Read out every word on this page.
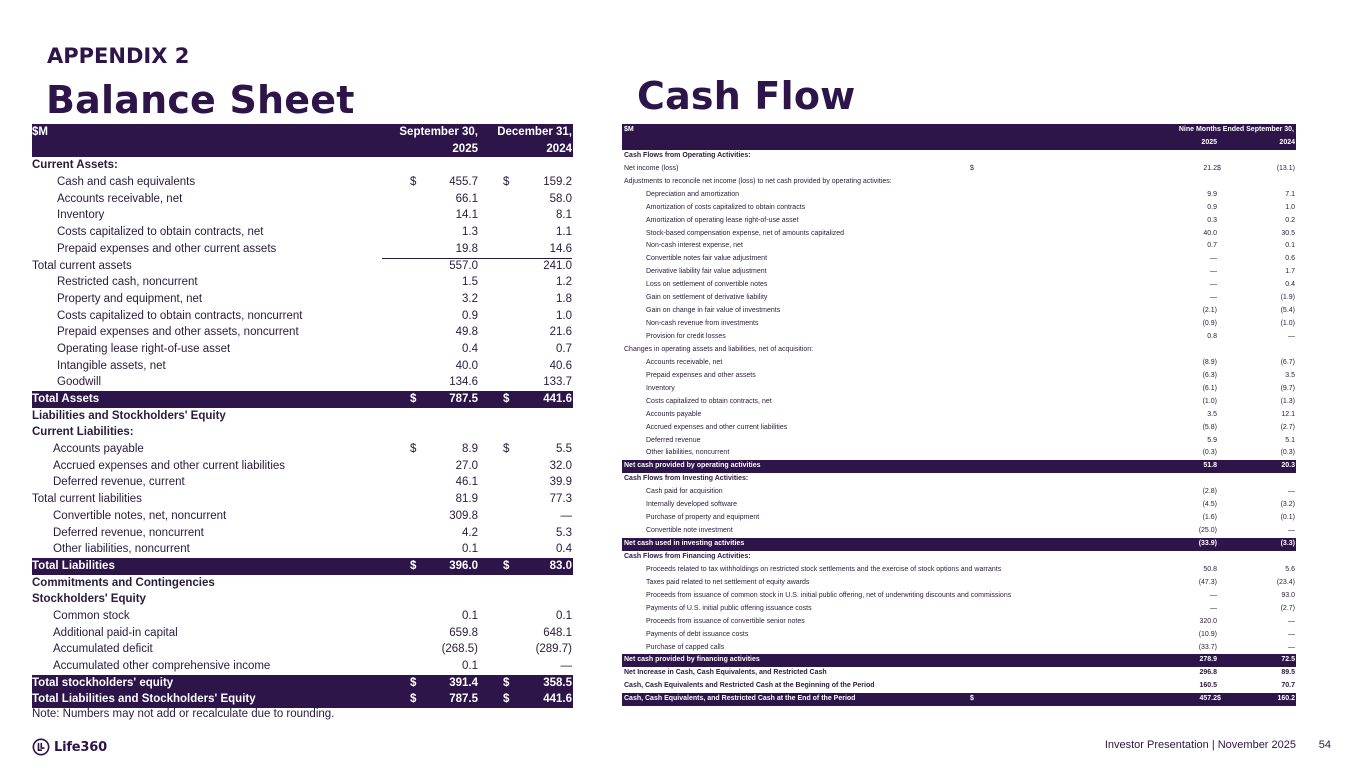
APPENDIX 2
Balance Sheet	Cash Flow
$M	September 30, December 31,
2025	2024
Current Assets:
Cash and cash equivalents	$	455.7 $	159.2
Accounts receivable, net	66.1	58.0
Inventory	14.1	8.1
Costs capitalized to obtain contracts, net	1.3	1.1
Prepaid expenses and other current assets	19.8	14.6
Total current assets	557.0	241.0
Restricted cash, noncurrent	1.5	1.2
Property and equipment, net	3.2	1.8
Costs capitalized to obtain contracts, noncurrent	0.9	1.0
Prepaid expenses and other assets, noncurrent	49.8	21.6
Operating lease right-of-use asset	0.4	0.7
Intangible assets, net	40.0	40.6
Goodwill	134.6	133.7
Total Assets	$	787.5 $	441.6
Liabilities and Stockholders' Equity
Current Liabilities:
Accounts payable	$	8.9 $	5.5
Accrued expenses and other current liabilities	27.0	32.0
Deferred revenue, current	46.1	39.9
Total current liabilities	81.9	77.3
Convertible notes, net, noncurrent	309.8	—
Deferred revenue, noncurrent	4.2	5.3
Other liabilities, noncurrent	0.1	0.4
Total Liabilities	$	396.0 $	83.0
Commitments and Contingencies
Stockholders' Equity
Common stock	0.1	0.1
Additional paid-in capital	659.8	648.1
Accumulated deficit	(268.5)	(289.7)
Accumulated other comprehensive income	0.1	—
Total stockholders' equity	$	391.4 $	358.5
Total Liabilities and Stockholders' Equity	$	787.5 $	441.6
Note: Numbers may not add or recalculate due to rounding.
$M	Nine Months Ended September 30,
2025	2024
Cash Flows from Operating Activities:
Net income (loss)	$	21.2 $	(13.1)
Adjustments to reconcile net income (loss) to net cash provided by operating activities:
Depreciation and amortization	9.9	7.1
Amortization of costs capitalized to obtain contracts	0.9	1.0
Amortization of operating lease right-of-use asset	0.3	0.2
Stock-based compensation expense, net of amounts capitalized	40.0	30.5
Non-cash interest expense, net	0.7	0.1
Convertible notes fair value adjustment	—	0.6
Derivative liability fair value adjustment	—	1.7
Loss on settlement of convertible notes	—	0.4
Gain on settlement of derivative liability	—	(1.9)
Gain on change in fair value of investments	(2.1)	(5.4)
Non-cash revenue from investments	(0.9)	(1.0)
Provision for credit losses	0.8	—
Changes in operating assets and liabilities, net of acquisition:
Accounts receivable, net	(8.9)	(6.7)
Prepaid expenses and other assets	(6.3)	3.5
Inventory	(6.1)	(9.7)
Costs capitalized to obtain contracts, net	(1.0)	(1.3)
Accounts payable	3.5	12.1
Accrued expenses and other current liabilities	(5.8)	(2.7)
Deferred revenue	5.9	5.1
Other liabilities, noncurrent	(0.3)	(0.3)
Net cash provided by operating activities	51.8	20.3
Cash Flows from Investing Activities:
Cash paid for acquisition	(2.8)	—
Internally developed software	(4.5)	(3.2)
Purchase of property and equipment	(1.6)	(0.1)
Convertible note investment	(25.0)	—
Net cash used in investing activities	(33.9)	(3.3)
Cash Flows from Financing Activities:
Proceeds related to tax withholdings on restricted stock settlements and the exercise of stock options and warrants	50.8	5.6
Taxes paid related to net settlement of equity awards	(47.3)	(23.4)
Proceeds from issuance of common stock in U.S. initial public offering, net of underwriting discounts and commissions	—	93.0
Payments of U.S. initial public offering issuance costs	—	(2.7)
Proceeds from issuance of convertible senior notes	320.0	—
Payments of debt issuance costs	(10.9)	—
Purchase of capped calls	(33.7)	—
Net cash provided by financing activities	278.9	72.5
Net Increase in Cash, Cash Equivalents, and Restricted Cash	296.8	89.5
Cash, Cash Equivalents and Restricted Cash at the Beginning of the Period	160.5	70.7
Cash, Cash Equivalents, and Restricted Cash at the End of the Period	$	457.2 $	160.2
Life360	Investor Presentation | November 2025 54
